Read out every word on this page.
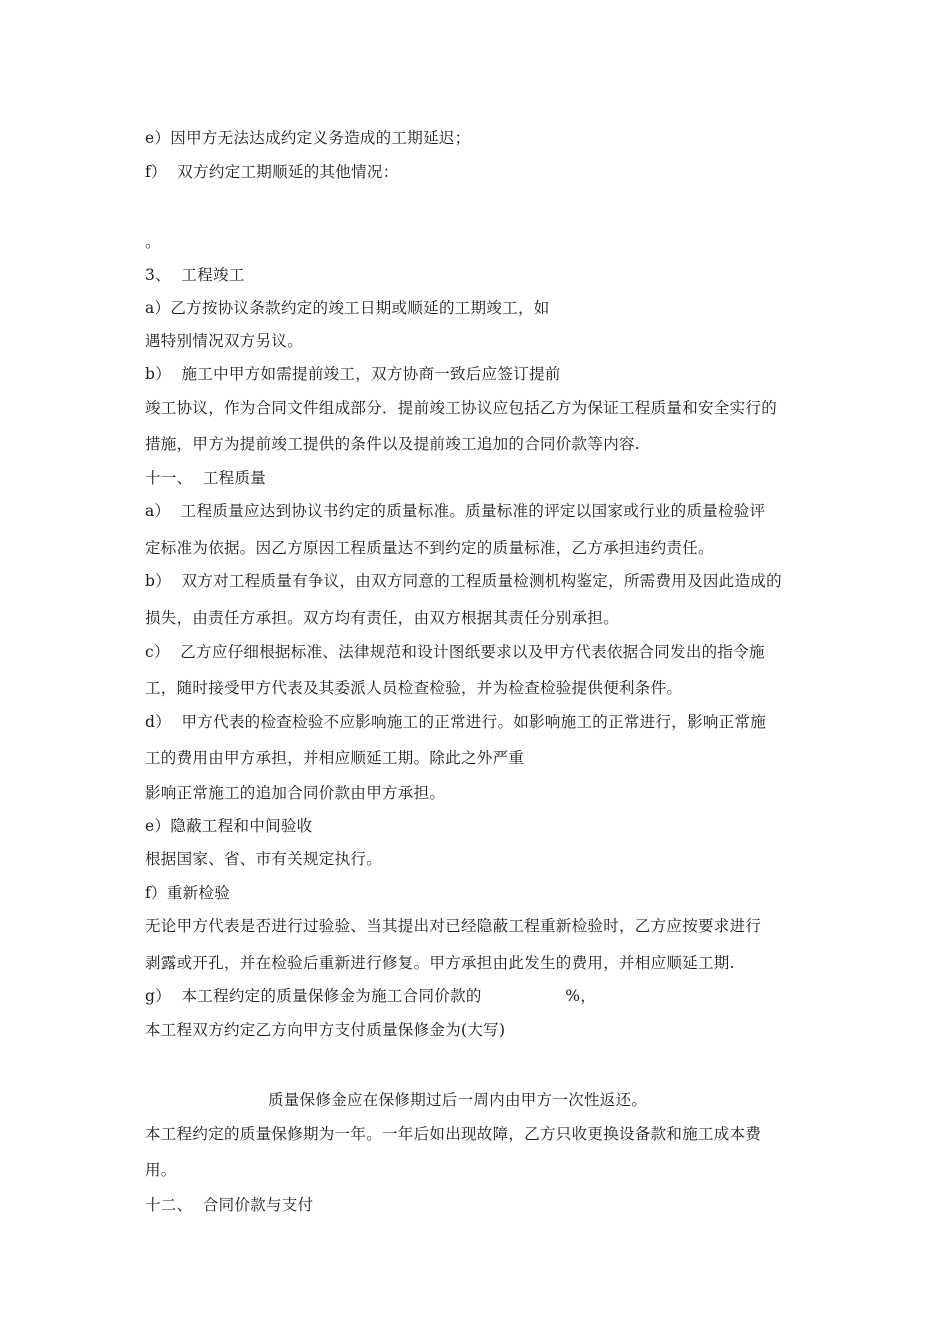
e）因甲方无法达成约定义务造成的工期延迟；
f）  双方约定工期顺延的其他情况：
。
3、  工程竣工
a）乙方按协议条款约定的竣工日期或顺延的工期竣工，如
遇特别情况双方另议。
b）  施工中甲方如需提前竣工，双方协商一致后应签订提前
竣工协议，作为合同文件组成部分．提前竣工协议应包括乙方为保证工程质量和安全实行的
措施，甲方为提前竣工提供的条件以及提前竣工追加的合同价款等内容.
十一、  工程质量
a）  工程质量应达到协议书约定的质量标准。质量标准的评定以国家或行业的质量检验评
定标准为依据。因乙方原因工程质量达不到约定的质量标准，乙方承担违约责任。
b）  双方对工程质量有争议，由双方同意的工程质量检测机构鉴定，所需费用及因此造成的
损失，由责任方承担。双方均有责任，由双方根据其责任分别承担。
c）  乙方应仔细根据标准、法律规范和设计图纸要求以及甲方代表依据合同发出的指令施
工，随时接受甲方代表及其委派人员检查检验，并为检查检验提供便利条件。
d）  甲方代表的检查检验不应影响施工的正常进行。如影响施工的正常进行，影响正常施
工的费用由甲方承担，并相应顺延工期。除此之外严重
影响正常施工的追加合同价款由甲方承担。
e）隐蔽工程和中间验收
根据国家、省、市有关规定执行。
f）重新检验
无论甲方代表是否进行过验验、当其提出对已经隐蔽工程重新检验时，乙方应按要求进行
剥露或开孔，并在检验后重新进行修复。甲方承担由此发生的费用，并相应顺延工期.
g）  本工程约定的质量保修金为施工合同价款的                %，
本工程双方约定乙方向甲方支付质量保修金为(大写)
质量保修金应在保修期过后一周内由甲方一次性返还。
本工程约定的质量保修期为一年。一年后如出现故障，乙方只收更换设备款和施工成本费
用。
十二、  合同价款与支付
